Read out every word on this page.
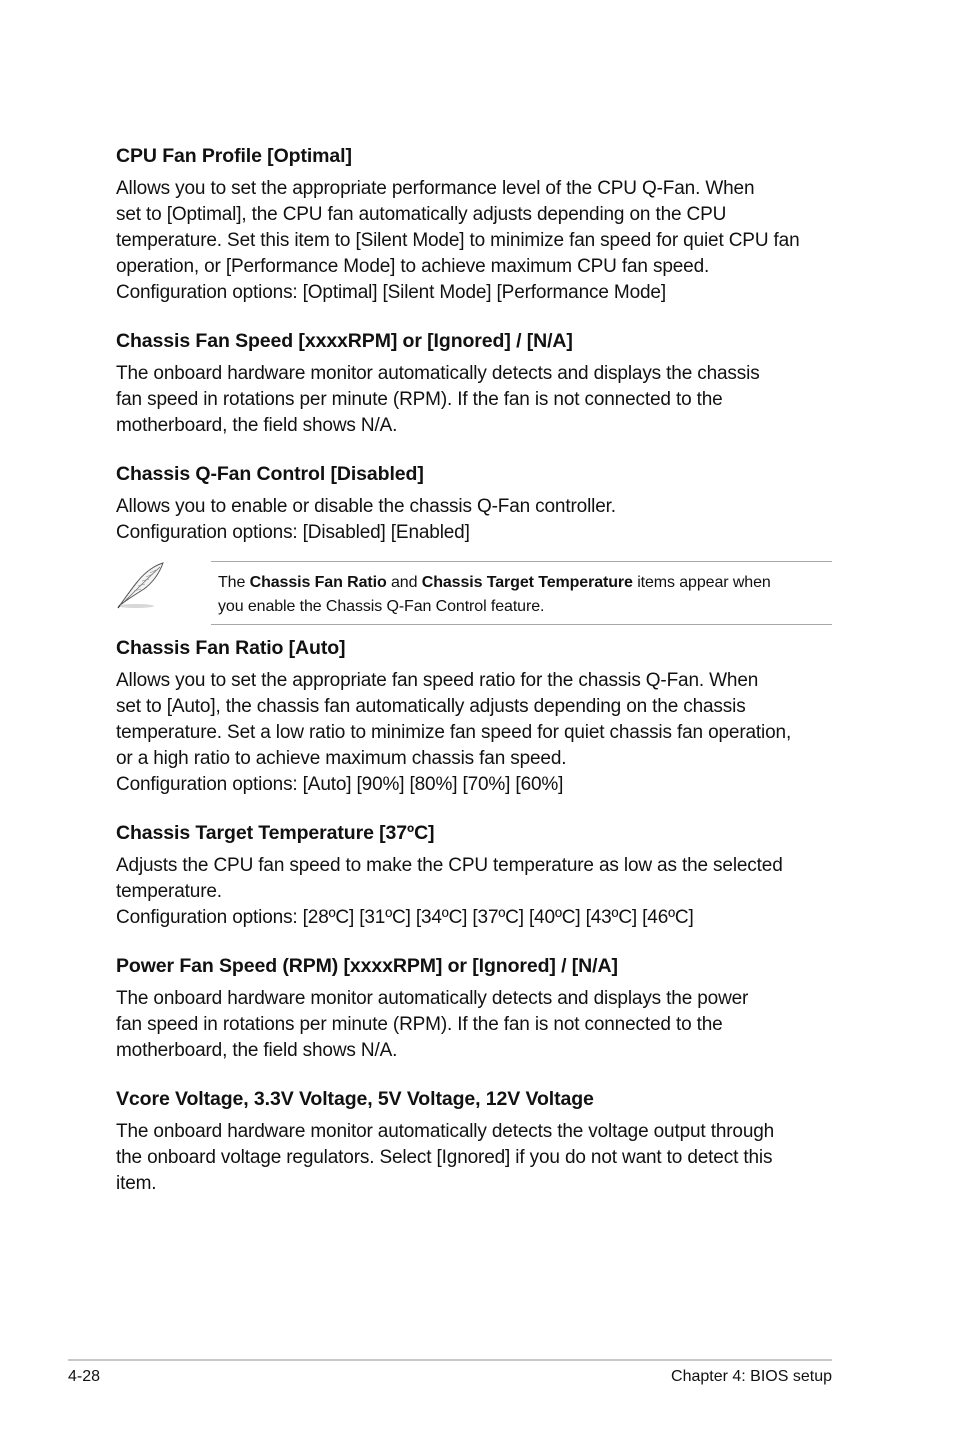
CPU Fan Profile [Optimal]
Allows you to set the appropriate performance level of the CPU Q-Fan. When
set to [Optimal], the CPU fan automatically adjusts depending on the CPU
temperature. Set this item to [Silent Mode] to minimize fan speed for quiet CPU fan
operation, or [Performance Mode] to achieve maximum CPU fan speed.
Configuration options: [Optimal] [Silent Mode] [Performance Mode]
Chassis Fan Speed [xxxxRPM] or [Ignored] / [N/A]
The onboard hardware monitor automatically detects and displays the chassis
fan speed in rotations per minute (RPM). If the fan is not connected to the
motherboard, the field shows N/A.
Chassis Q-Fan Control [Disabled]
Allows you to enable or disable the chassis Q-Fan controller.
Configuration options: [Disabled] [Enabled]
Chassis Fan Ratio [Auto]
Allows you to set the appropriate fan speed ratio for the chassis Q-Fan. When
set to [Auto], the chassis fan automatically adjusts depending on the chassis
temperature. Set a low ratio to minimize fan speed for quiet chassis fan operation,
or a high ratio to achieve maximum chassis fan speed.
Configuration options: [Auto] [90%] [80%] [70%] [60%]
Chassis Target Temperature [37ºC]
Adjusts the CPU fan speed to make the CPU temperature as low as the selected
temperature.
Configuration options: [28ºC] [31ºC] [34ºC] [37ºC] [40ºC] [43ºC] [46ºC]
Power Fan Speed (RPM) [xxxxRPM] or [Ignored] / [N/A]
The onboard hardware monitor automatically detects and displays the power
fan speed in rotations per minute (RPM). If the fan is not connected to the
motherboard, the field shows N/A.
Vcore Voltage, 3.3V Voltage, 5V Voltage, 12V Voltage
The onboard hardware monitor automatically detects the voltage output through
the onboard voltage regulators. Select [Ignored] if you do not want to detect this
item.
The Chassis Fan Ratio and Chassis Target Temperature items appear when
you enable the Chassis Q-Fan Control feature.
4-28	Chapter 4: BIOS setup
